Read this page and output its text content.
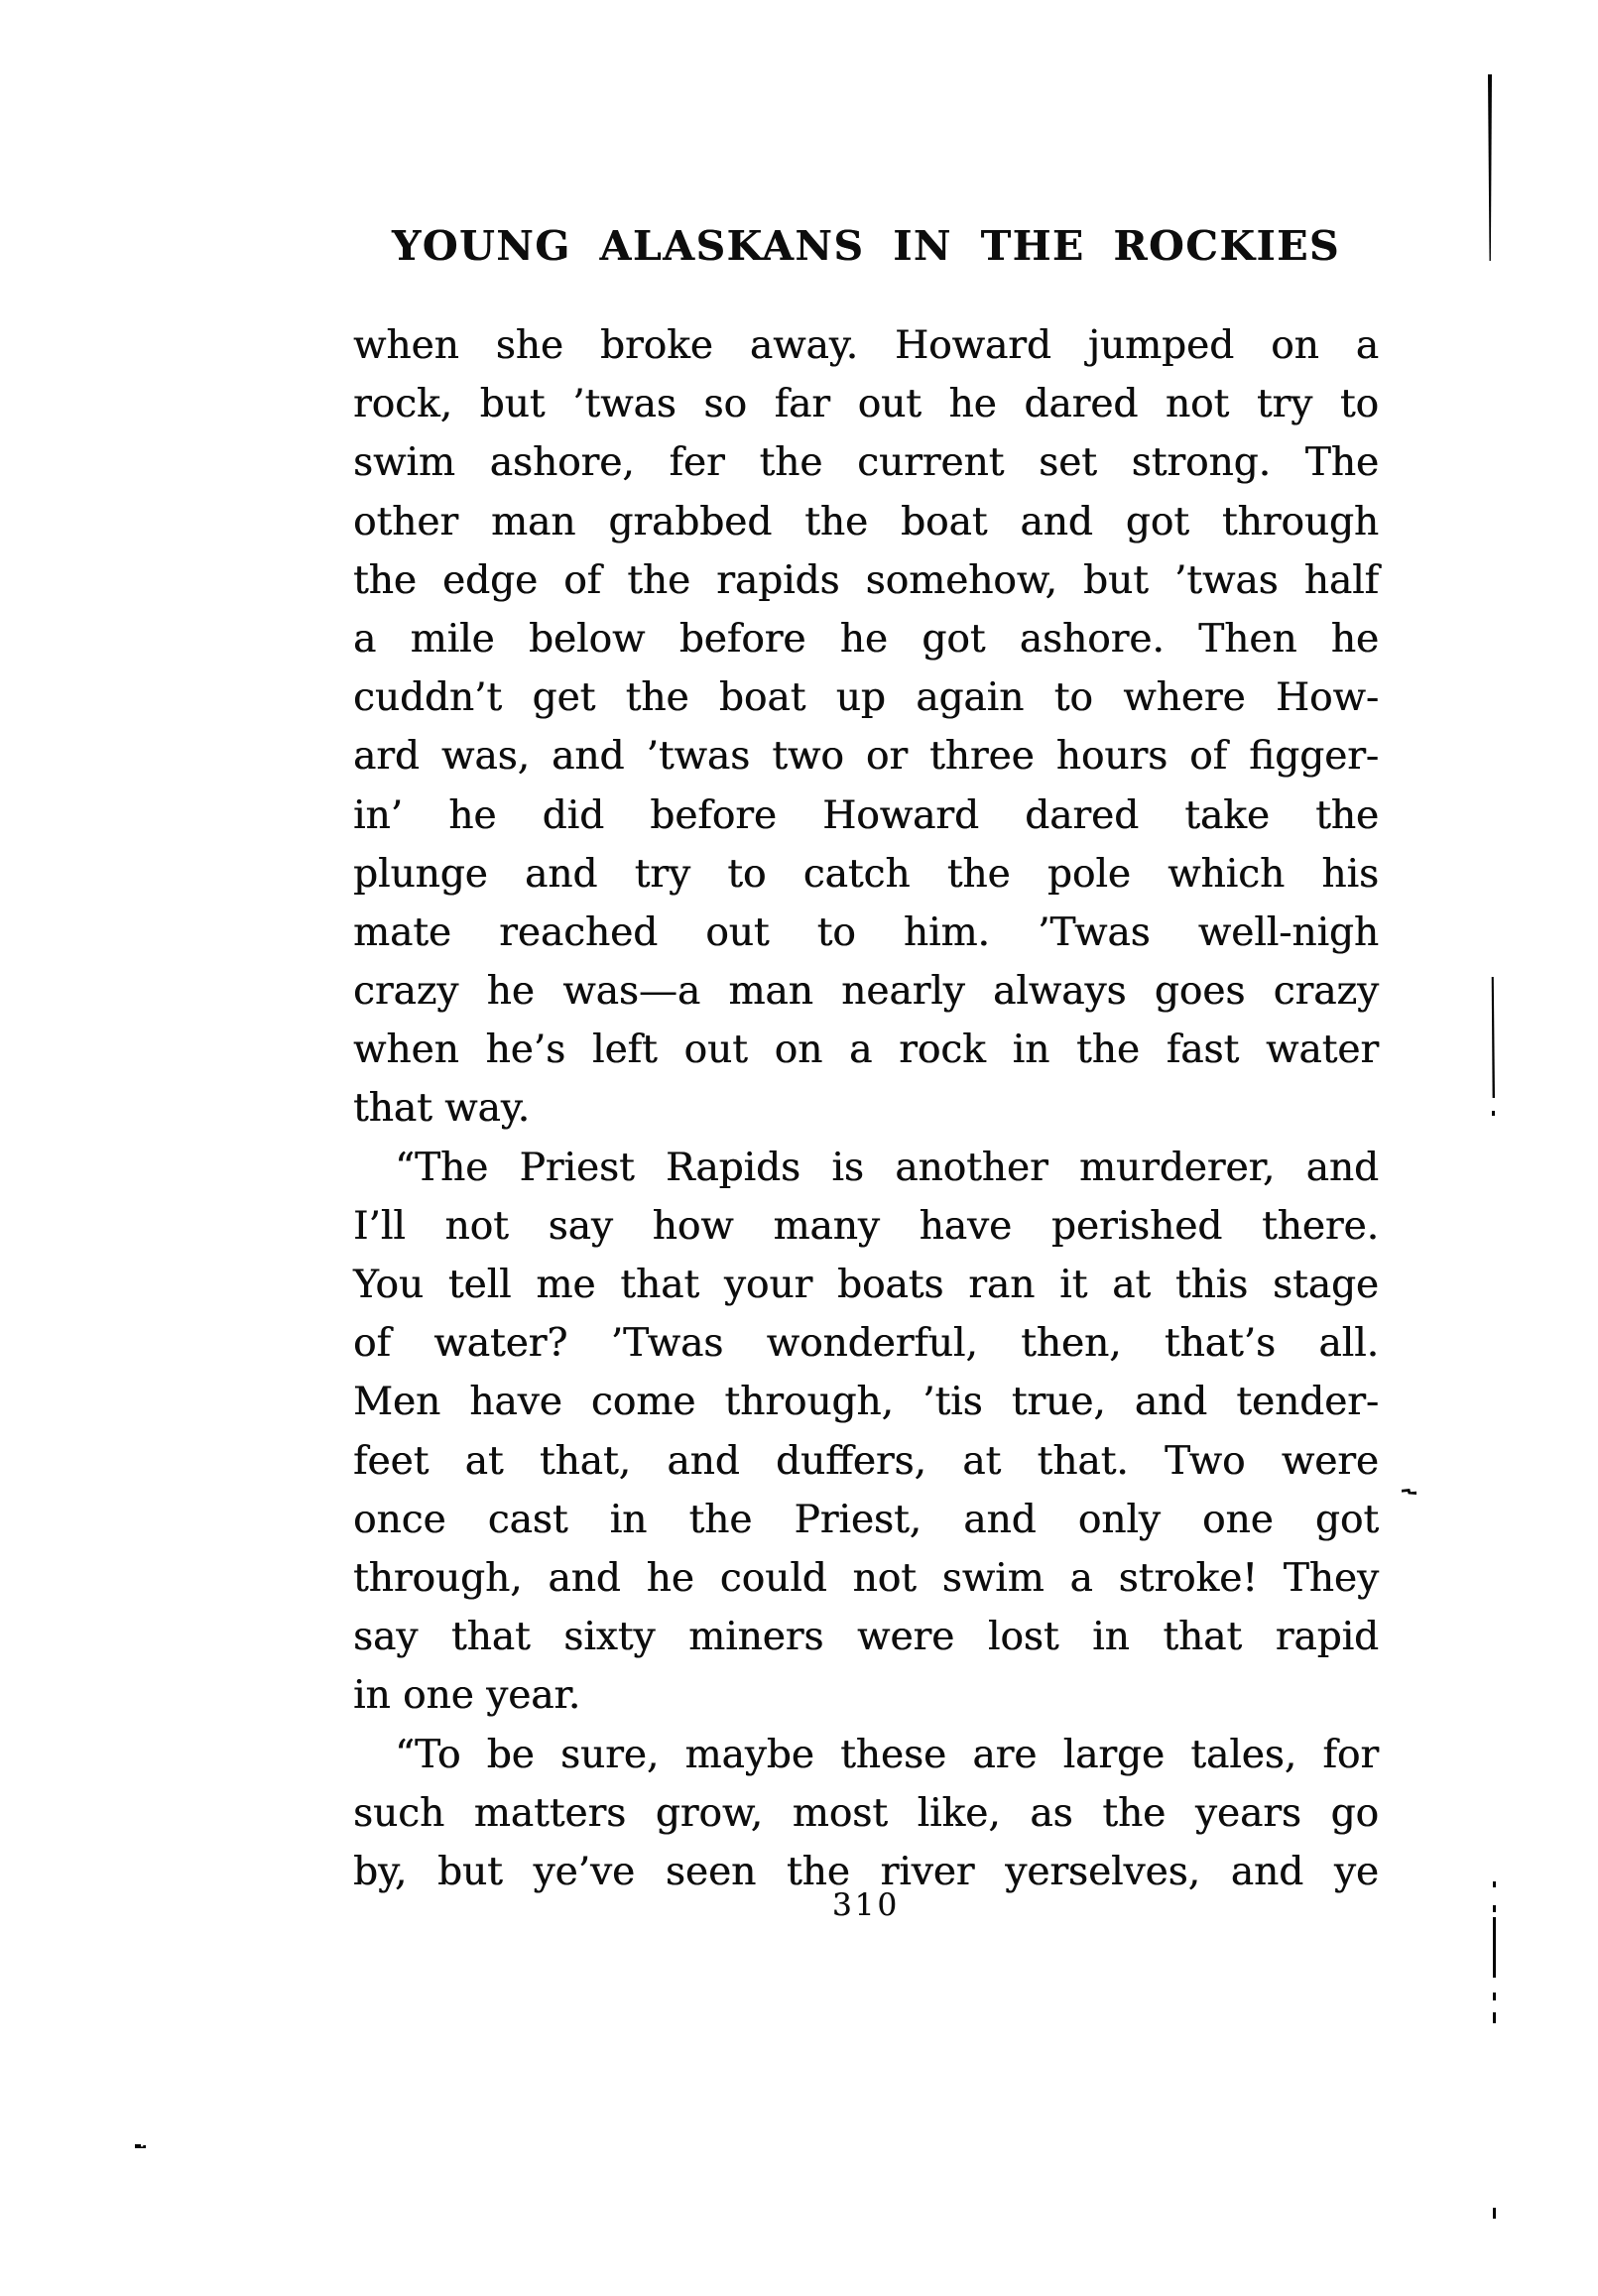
YOUNG ALASKANS IN THE ROCKIES
when she broke away. Howard jumped on a
rock, but ’twas so far out he dared not try to
swim ashore, fer the current set strong. The
other man grabbed the boat and got through
the edge of the rapids somehow, but ’twas half
a mile below before he got ashore. Then he
cuddn’t get the boat up again to where How-
ard was, and ’twas two or three hours of figger-
in’ he did before Howard dared take the
plunge and try to catch the pole which his
mate reached out to him. ’Twas well-nigh
crazy he was—a man nearly always goes crazy
when he’s left out on a rock in the fast water
that way.
“The Priest Rapids is another murderer, and
I’ll not say how many have perished there.
You tell me that your boats ran it at this stage
of water? ’Twas wonderful, then, that’s all.
Men have come through, ’tis true, and tender-
feet at that, and duffers, at that. Two were
once cast in the Priest, and only one got
through, and he could not swim a stroke! They
say that sixty miners were lost in that rapid
in one year.
“To be sure, maybe these are large tales, for
such matters grow, most like, as the years go
by, but ye’ve seen the river yerselves, and ye
310
